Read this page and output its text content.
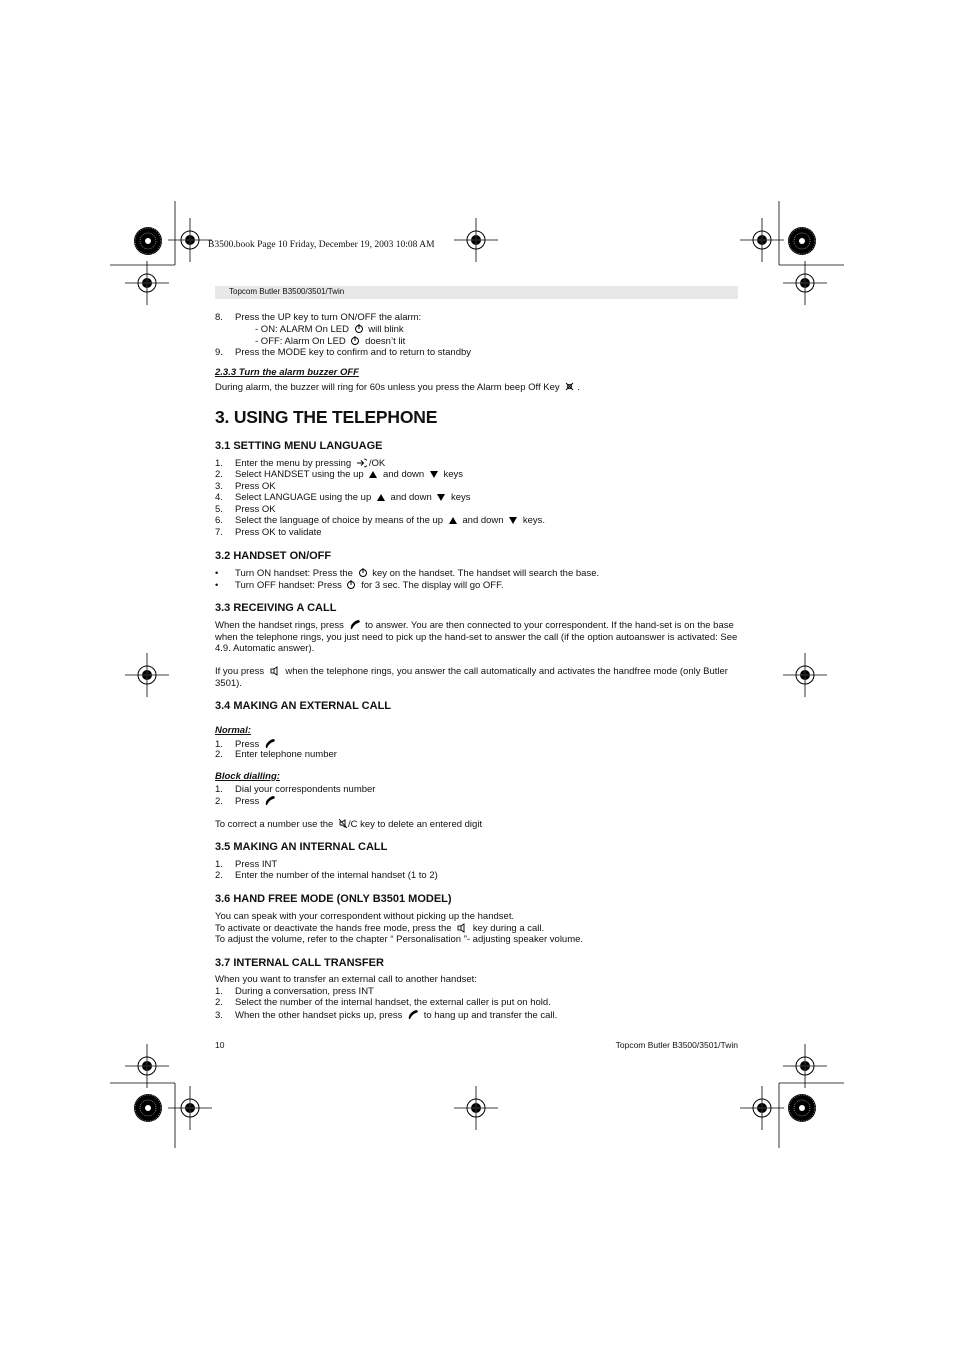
B3500.book Page 10 Friday, December 19, 2003 10:08 AM
Topcom Butler B3500/3501/Twin
8. Press the UP key to turn ON/OFF the alarm:
- ON: ALARM On LED will blink
- OFF: Alarm On LED doesn’t lit
9. Press the MODE key to confirm and to return to standby
2.3.3 Turn the alarm buzzer OFF
During alarm, the buzzer will ring for 60s unless you press the Alarm beep Off Key .
3. USING THE TELEPHONE
3.1 SETTING MENU LANGUAGE
1. Enter the menu by pressing /OK
2. Select HANDSET using the up and down keys
3. Press OK
4. Select LANGUAGE using the up and down keys
5. Press OK
6. Select the language of choice by means of the up and down keys.
7. Press OK to validate
3.2 HANDSET ON/OFF
• Turn ON handset: Press the key on the handset. The handset will search the base.
• Turn OFF handset: Press for 3 sec. The display will go OFF.
3.3 RECEIVING A CALL
When the handset rings, press to answer. You are then connected to your correspondent. If the hand-set is on the base when the telephone rings, you just need to pick up the hand-set to answer the call (if the option autoanswer is activated: See 4.9. Automatic answer).
If you press when the telephone rings, you answer the call automatically and activates the handfree mode (only Butler 3501).
3.4 MAKING AN EXTERNAL CALL
Normal:
1. Press
2. Enter telephone number
Block dialling:
1. Dial your correspondents number
2. Press
To correct a number use the /C key to delete an entered digit
3.5 MAKING AN INTERNAL CALL
1. Press INT
2. Enter the number of the internal handset (1 to 2)
3.6 HAND FREE MODE (ONLY B3501 MODEL)
You can speak with your correspondent without picking up the handset.
To activate or deactivate the hands free mode, press the key during a call.
To adjust the volume, refer to the chapter “ Personalisation ”- adjusting speaker volume.
3.7 INTERNAL CALL TRANSFER
When you want to transfer an external call to another handset:
1. During a conversation, press INT
2. Select the number of the internal handset, the external caller is put on hold.
3. When the other handset picks up, press to hang up and transfer the call.
10	Topcom Butler B3500/3501/Twin
